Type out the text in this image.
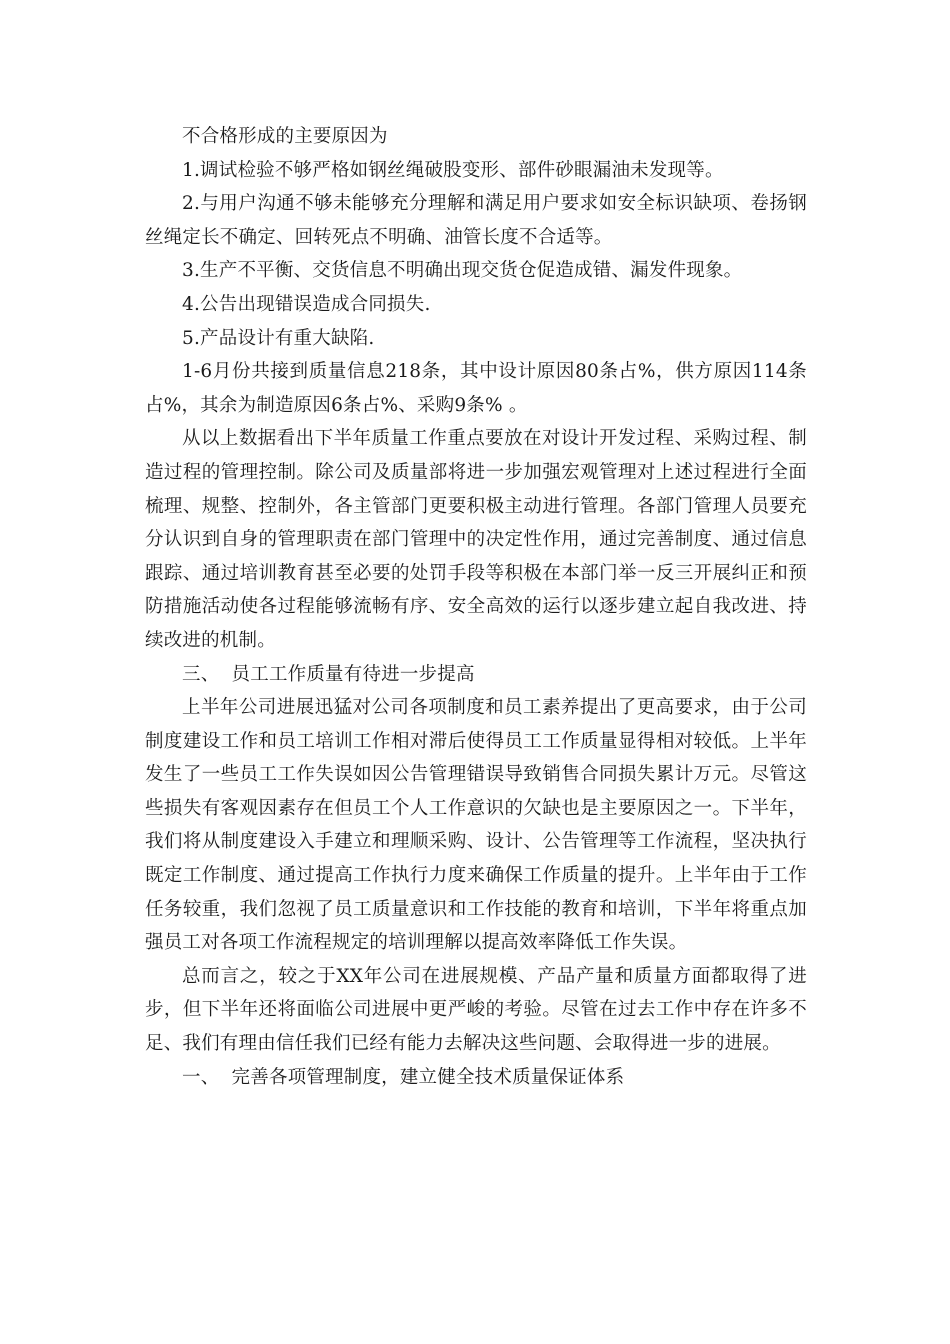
不合格形成的主要原因为

1.调试检验不够严格如钢丝绳破股变形、部件砂眼漏油未发现等。

2.与用户沟通不够未能够充分理解和满足用户要求如安全标识缺项、卷扬钢丝绳定长不确定、回转死点不明确、油管长度不合适等。

3.生产不平衡、交货信息不明确出现交货仓促造成错、漏发件现象。

4.公告出现错误造成合同损失.

5.产品设计有重大缺陷.

1-6月份共接到质量信息218条，其中设计原因80条占%，供方原因114条占%，其余为制造原因6条占%、采购9条% 。

从以上数据看出下半年质量工作重点要放在对设计开发过程、采购过程、制造过程的管理控制。除公司及质量部将进一步加强宏观管理对上述过程进行全面梳理、规整、控制外，各主管部门更要积极主动进行管理。各部门管理人员要充分认识到自身的管理职责在部门管理中的决定性作用，通过完善制度、通过信息跟踪、通过培训教育甚至必要的处罚手段等积极在本部门举一反三开展纠正和预防措施活动使各过程能够流畅有序、安全高效的运行以逐步建立起自我改进、持续改进的机制。

三、  员工工作质量有待进一步提高

上半年公司进展迅猛对公司各项制度和员工素养提出了更高要求，由于公司制度建设工作和员工培训工作相对滞后使得员工工作质量显得相对较低。上半年发生了一些员工工作失误如因公告管理错误导致销售合同损失累计万元。尽管这些损失有客观因素存在但员工个人工作意识的欠缺也是主要原因之一。下半年，我们将从制度建设入手建立和理顺采购、设计、公告管理等工作流程，坚决执行既定工作制度、通过提高工作执行力度来确保工作质量的提升。上半年由于工作任务较重，我们忽视了员工质量意识和工作技能的教育和培训，下半年将重点加强员工对各项工作流程规定的培训理解以提高效率降低工作失误。

总而言之，较之于XX年公司在进展规模、产品产量和质量方面都取得了进步，但下半年还将面临公司进展中更严峻的考验。尽管在过去工作中存在许多不足、我们有理由信任我们已经有能力去解决这些问题、会取得进一步的进展。

一、  完善各项管理制度，建立健全技术质量保证体系
